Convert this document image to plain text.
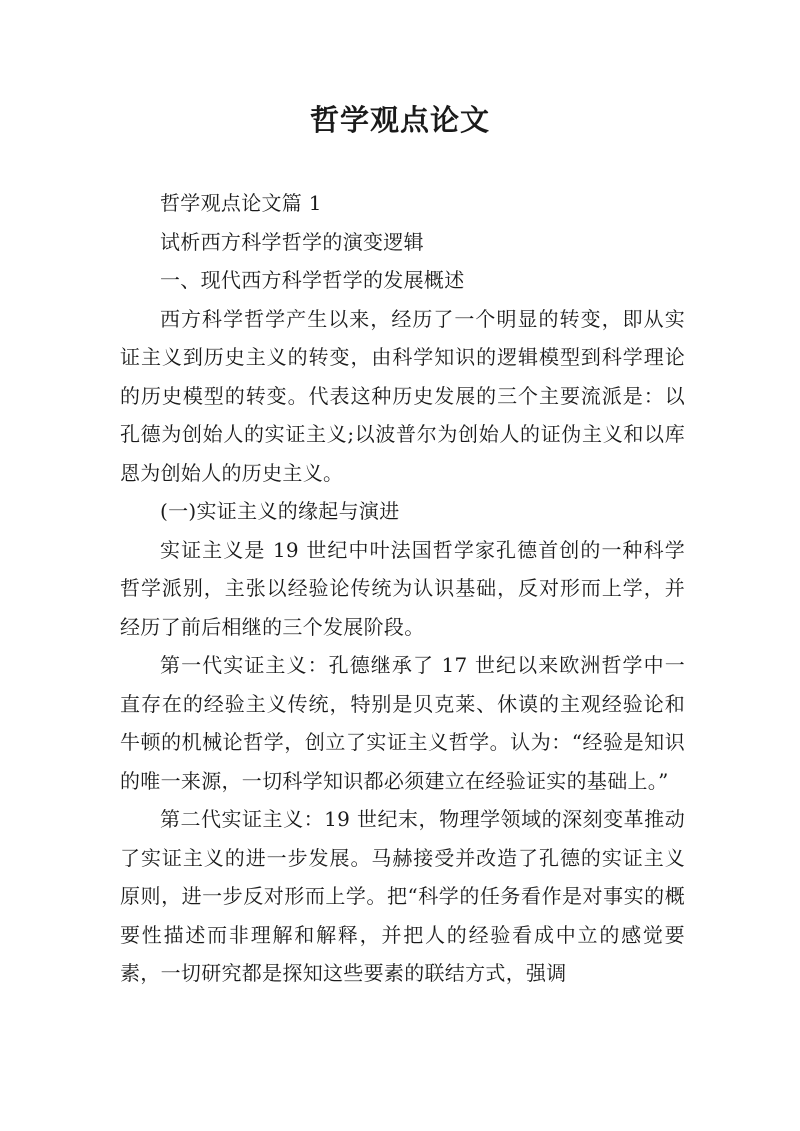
哲学观点论文

哲学观点论文篇 1

试析西方科学哲学的演变逻辑

一、现代西方科学哲学的发展概述

西方科学哲学产生以来，经历了一个明显的转变，即从实证主义到历史主义的转变，由科学知识的逻辑模型到科学理论的历史模型的转变。代表这种历史发展的三个主要流派是：以孔德为创始人的实证主义;以波普尔为创始人的证伪主义和以库恩为创始人的历史主义。

(一)实证主义的缘起与演进

实证主义是 19 世纪中叶法国哲学家孔德首创的一种科学哲学派别，主张以经验论传统为认识基础，反对形而上学，并经历了前后相继的三个发展阶段。

第一代实证主义：孔德继承了 17 世纪以来欧洲哲学中一直存在的经验主义传统，特别是贝克莱、休谟的主观经验论和牛顿的机械论哲学，创立了实证主义哲学。认为：“经验是知识的唯一来源，一切科学知识都必须建立在经验证实的基础上。”

第二代实证主义：19 世纪末，物理学领域的深刻变革推动了实证主义的进一步发展。马赫接受并改造了孔德的实证主义原则，进一步反对形而上学。把“科学的任务看作是对事实的概要性描述而非理解和解释，并把人的经验看成中立的感觉要素，一切研究都是探知这些要素的联结方式，强调
